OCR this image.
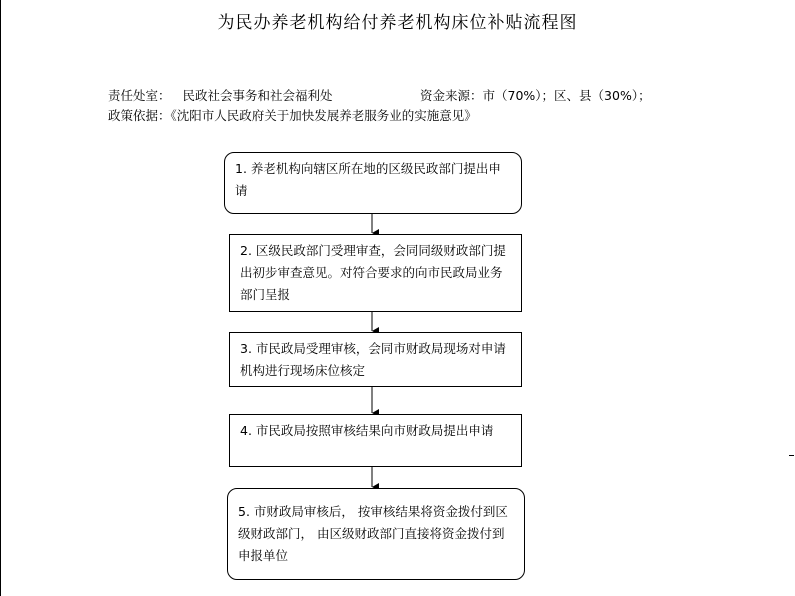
为民办养老机构给付养老机构床位补贴流程图
责任处室： 民政社会事务和社会福利处	资金来源：市（70%）；区、县（30%）；
政策依据：《沈阳市人民政府关于加快发展养老服务业的实施意见》
1. 养老机构向辖区所在地的区级民政部门提出申请
2. 区级民政部门受理审查，会同同级财政部门提出初步审查意见。对符合要求的向市民政局业务部门呈报
3. 市民政局受理审核，会同市财政局现场对申请机构进行现场床位核定
4. 市民政局按照审核结果向市财政局提出申请
5. 市财政局审核后， 按审核结果将资金拨付到区级财政部门， 由区级财政部门直接将资金拨付到申报单位
